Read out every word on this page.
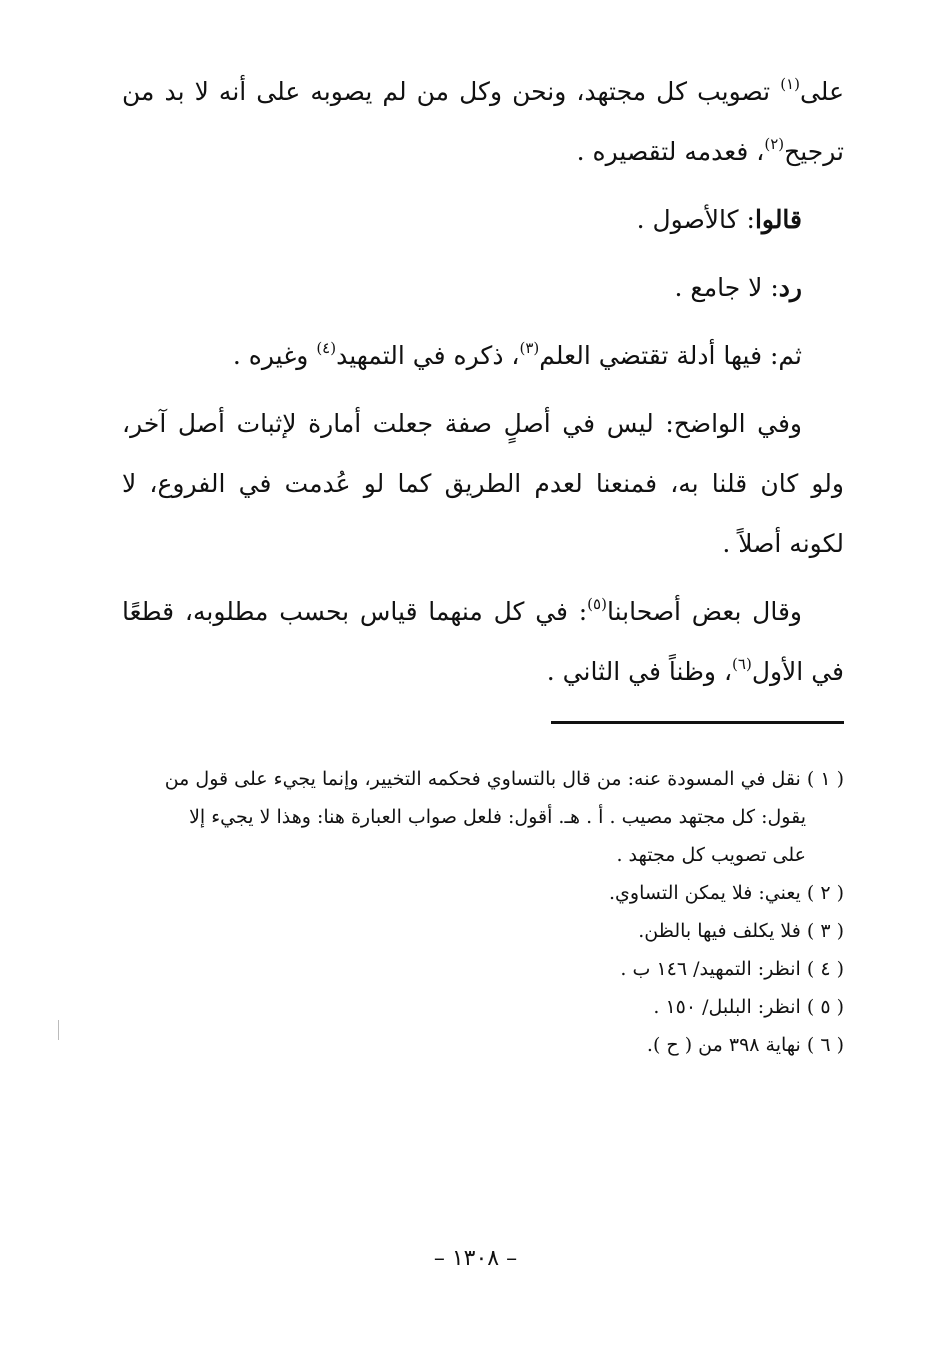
على$^{(١)}$ تصويب كل مجتهد، ونحن وكل من لم يصوبه على أنه لا بد من ترجيح$^{(٢)}$، فعدمه لتقصيره .

قالوا: كالأصول .

رد: لا جامع .

ثم: فيها أدلة تقتضي العلم$^{(٣)}$، ذكره في التمهيد$^{(٤)}$ وغيره .

وفي الواضح: ليس في أصلٍ صفة جعلت أمارة لإثبات أصل آخر، ولو كان قلنا به، فمنعنا لعدم الطريق كما لو عُدمت في الفروع، لا لكونه أصلاً .

وقال بعض أصحابنا$^{(٥)}$: في كل منهما قياس بحسب مطلوبه، قطعًا في الأول$^{(٦)}$، وظناً في الثاني .

( ١ ) نقل في المسودة عنه: من قال بالتساوي فحكمه التخيير، وإنما يجيء على قول من

يقول: كل مجتهد مصيب . أ . هـ. أقول: فلعل صواب العبارة هنا: وهذا لا يجيء إلا

على تصويب كل مجتهد .

( ٢ ) يعني: فلا يمكن التساوي.

( ٣ ) فلا يكلف فيها بالظن.

( ٤ ) انظر: التمهيد/ ١٤٦ ب .

( ٥ ) انظر: البلبل/ ١٥٠ .

( ٦ ) نهاية ٣٩٨ من ( ح ).

– ١٣٠٨ –
